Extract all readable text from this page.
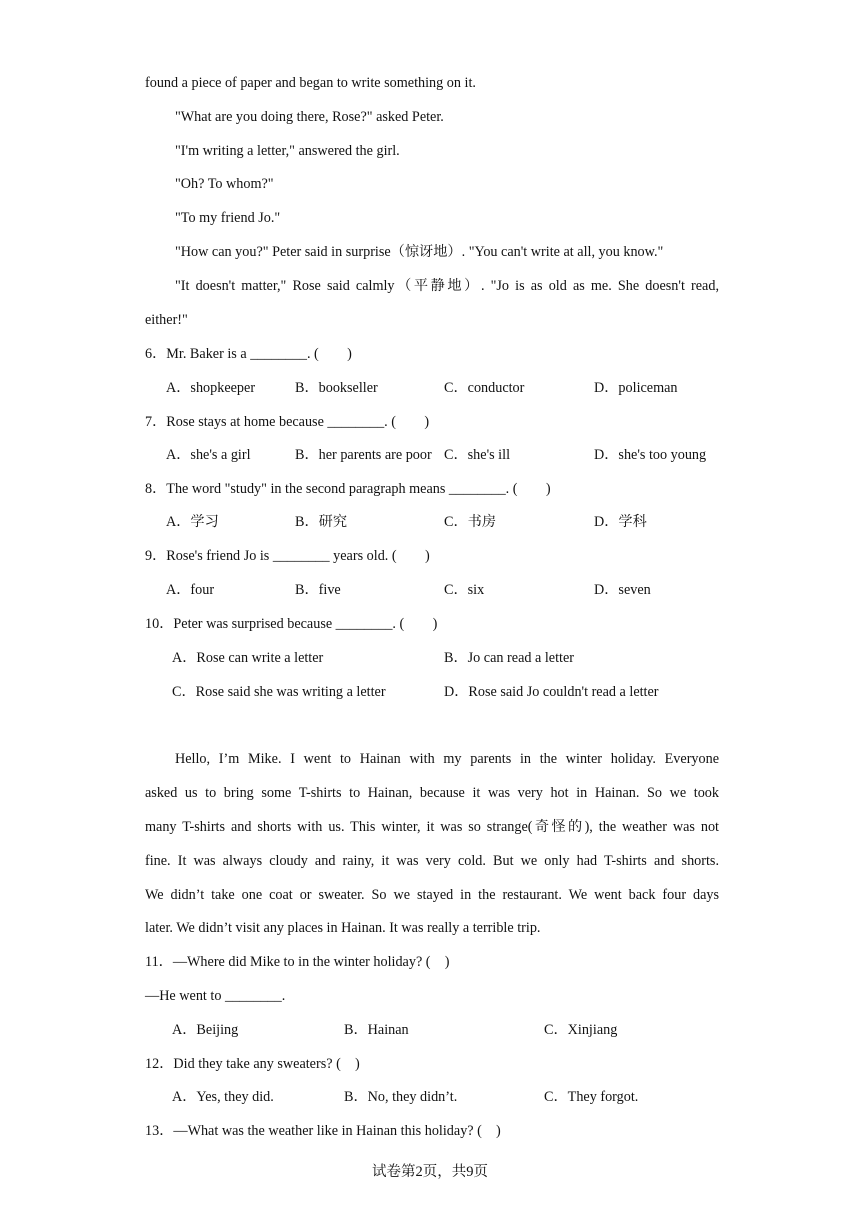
found a piece of paper and began to write something on it.
"What are you doing there, Rose?" asked Peter.
"I'm writing a letter," answered the girl.
"Oh? To whom?"
"To my friend Jo."
"How can you?" Peter said in surprise（惊讶地）. "You can't write at all, you know."
"It doesn't matter," Rose said calmly（平静地）. "Jo is as old as me. She doesn't read,
either!"
6．Mr. Baker is a ________. (　　)
A．shopkeeper	B．bookseller	C．conductor	D．policeman
7．Rose stays at home because ________. (　　)
A．she's a girl	B．her parents are poor C．she's ill	D．she's too young
8．The word "study" in the second paragraph means ________. (　　)
A．学习	B．研究	C．书房	D．学科
9．Rose's friend Jo is ________ years old. (　　)
A．four	B．five	C．six	D．seven
10．Peter was surprised because ________. (　　)
A．Rose can write a letter	B．Jo can read a letter
C．Rose said she was writing a letter	D．Rose said Jo couldn't read a letter
Hello, I’m Mike. I went to Hainan with my parents in the winter holiday. Everyone
asked us to bring some T-shirts to Hainan, because it was very hot in Hainan. So we took
many T-shirts and shorts with us. This winter, it was so strange(奇怪的), the weather was not
fine. It was always cloudy and rainy, it was very cold. But we only had T-shirts and shorts.
We didn’t take one coat or sweater. So we stayed in the restaurant. We went back four days
later. We didn’t visit any places in Hainan. It was really a terrible trip.
11．—Where did Mike to in the winter holiday? (　)
—He went to ________.
A．Beijing	B．Hainan	C．Xinjiang
12．Did they take any sweaters? (　)
A．Yes, they did.	B．No, they didn’t.	C．They forgot.
13．—What was the weather like in Hainan this holiday? (　)
试卷第2页，共9页
